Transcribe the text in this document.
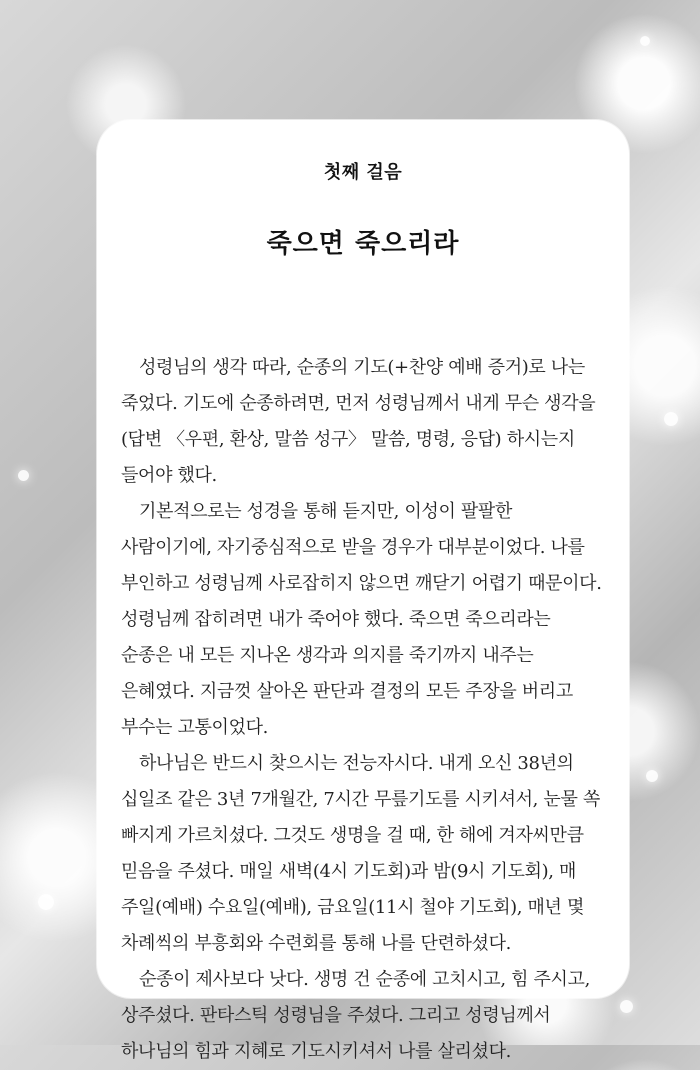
첫째 걸음
죽으면 죽으리라

성령님의 생각 따라, 순종의 기도(+찬양 예배 증거)로 나는 죽었다. 기도에 순종하려면, 먼저 성령님께서 내게 무슨 생각을(답변 〈우편, 환상, 말씀 성구〉 말씀, 명령, 응답) 하시는지 들어야 했다.

기본적으로는 성경을 통해 듣지만, 이성이 팔팔한 사람이기에, 자기중심적으로 받을 경우가 대부분이었다. 나를 부인하고 성령님께 사로잡히지 않으면 깨닫기 어렵기 때문이다. 성령님께 잡히려면 내가 죽어야 했다. 죽으면 죽으리라는 순종은 내 모든 지나온 생각과 의지를 죽기까지 내주는 은혜였다. 지금껏 살아온 판단과 결정의 모든 주장을 버리고 부수는 고통이었다.

하나님은 반드시 찾으시는 전능자시다. 내게 오신 38년의 십일조 같은 3년 7개월간, 7시간 무릎기도를 시키셔서, 눈물 쏙 빠지게 가르치셨다. 그것도 생명을 걸 때, 한 해에 겨자씨만큼 믿음을 주셨다. 매일 새벽(4시 기도회)과 밤(9시 기도회), 매 주일(예배) 수요일(예배), 금요일(11시 철야 기도회), 매년 몇 차례씩의 부흥회와 수련회를 통해 나를 단련하셨다.

순종이 제사보다 낫다. 생명 건 순종에 고치시고, 힘 주시고, 상주셨다. 판타스틱 성령님을 주셨다. 그리고 성령님께서 하나님의 힘과 지혜로 기도시키셔서 나를 살리셨다.
